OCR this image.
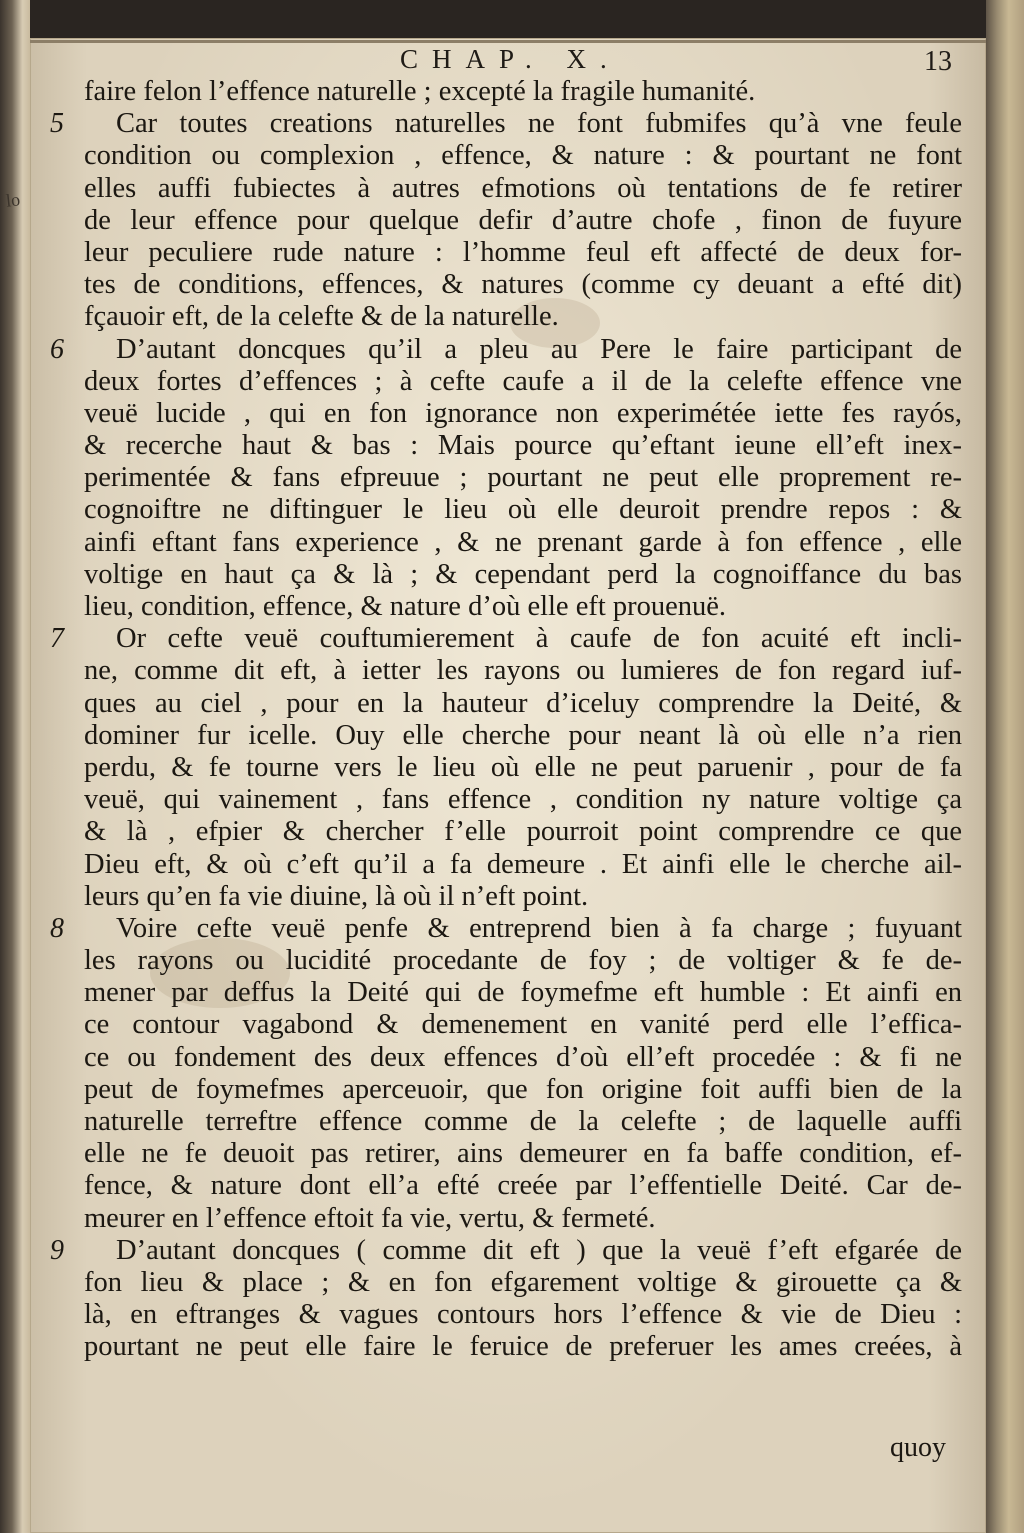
lo
CHAP. X.	13
faire felon l’effence naturelle ; excepté la fragile humanité.
5 Car toutes creations naturelles ne font fubmifes qu’à vne feule
condition ou complexion , effence, & nature : & pourtant ne font
elles auffi fubiectes à autres efmotions où tentations de fe retirer
de leur effence pour quelque defir d’autre chofe , finon de fuyure
leur peculiere rude nature : l’homme feul eft affecté de deux for-
tes de conditions, effences, & natures (comme cy deuant a efté dit)
fçauoir eft, de la celefte & de la naturelle.
6 D’autant doncques qu’il a pleu au Pere le faire participant de
deux fortes d’effences ; à cefte caufe a il de la celefte effence vne
veuë lucide , qui en fon ignorance non experimétée iette fes rayós,
& recerche haut & bas : Mais pource qu’eftant ieune ell’eft inex-
perimentée & fans efpreuue ; pourtant ne peut elle proprement re-
cognoiftre ne diftinguer le lieu où elle deuroit prendre repos : &
ainfi eftant fans experience , & ne prenant garde à fon effence , elle
voltige en haut ça & là ; & cependant perd la cognoiffance du bas
lieu, condition, effence, & nature d’où elle eft prouenuë.
7 Or cefte veuë couftumierement à caufe de fon acuité eft incli-
ne, comme dit eft, à ietter les rayons ou lumieres de fon regard iuf-
ques au ciel , pour en la hauteur d’iceluy comprendre la Deité, &
dominer fur icelle. Ouy elle cherche pour neant là où elle n’a rien
perdu, & fe tourne vers le lieu où elle ne peut paruenir , pour de fa
veuë, qui vainement , fans effence , condition ny nature voltige ça
& là , efpier & chercher f’elle pourroit point comprendre ce que
Dieu eft, & où c’eft qu’il a fa demeure . Et ainfi elle le cherche ail-
leurs qu’en fa vie diuine, là où il n’eft point.
8 Voire cefte veuë penfe & entreprend bien à fa charge ; fuyuant
les rayons ou lucidité procedante de foy ; de voltiger & fe de-
mener par deffus la Deité qui de foymefme eft humble : Et ainfi en
ce contour vagabond & demenement en vanité perd elle l’effica-
ce ou fondement des deux effences d’où ell’eft procedée : & fi ne
peut de foymefmes aperceuoir, que fon origine foit auffi bien de la
naturelle terreftre effence comme de la celefte ; de laquelle auffi
elle ne fe deuoit pas retirer, ains demeurer en fa baffe condition, ef-
fence, & nature dont ell’a efté creée par l’effentielle Deité. Car de-
meurer en l’effence eftoit fa vie, vertu, & fermeté.
9 D’autant doncques ( comme dit eft ) que la veuë f’eft efgarée de
fon lieu & place ; & en fon efgarement voltige & girouette ça &
là, en eftranges & vagues contours hors l’effence & vie de Dieu :
pourtant ne peut elle faire le feruice de preferuer les ames creées, à
quoy
